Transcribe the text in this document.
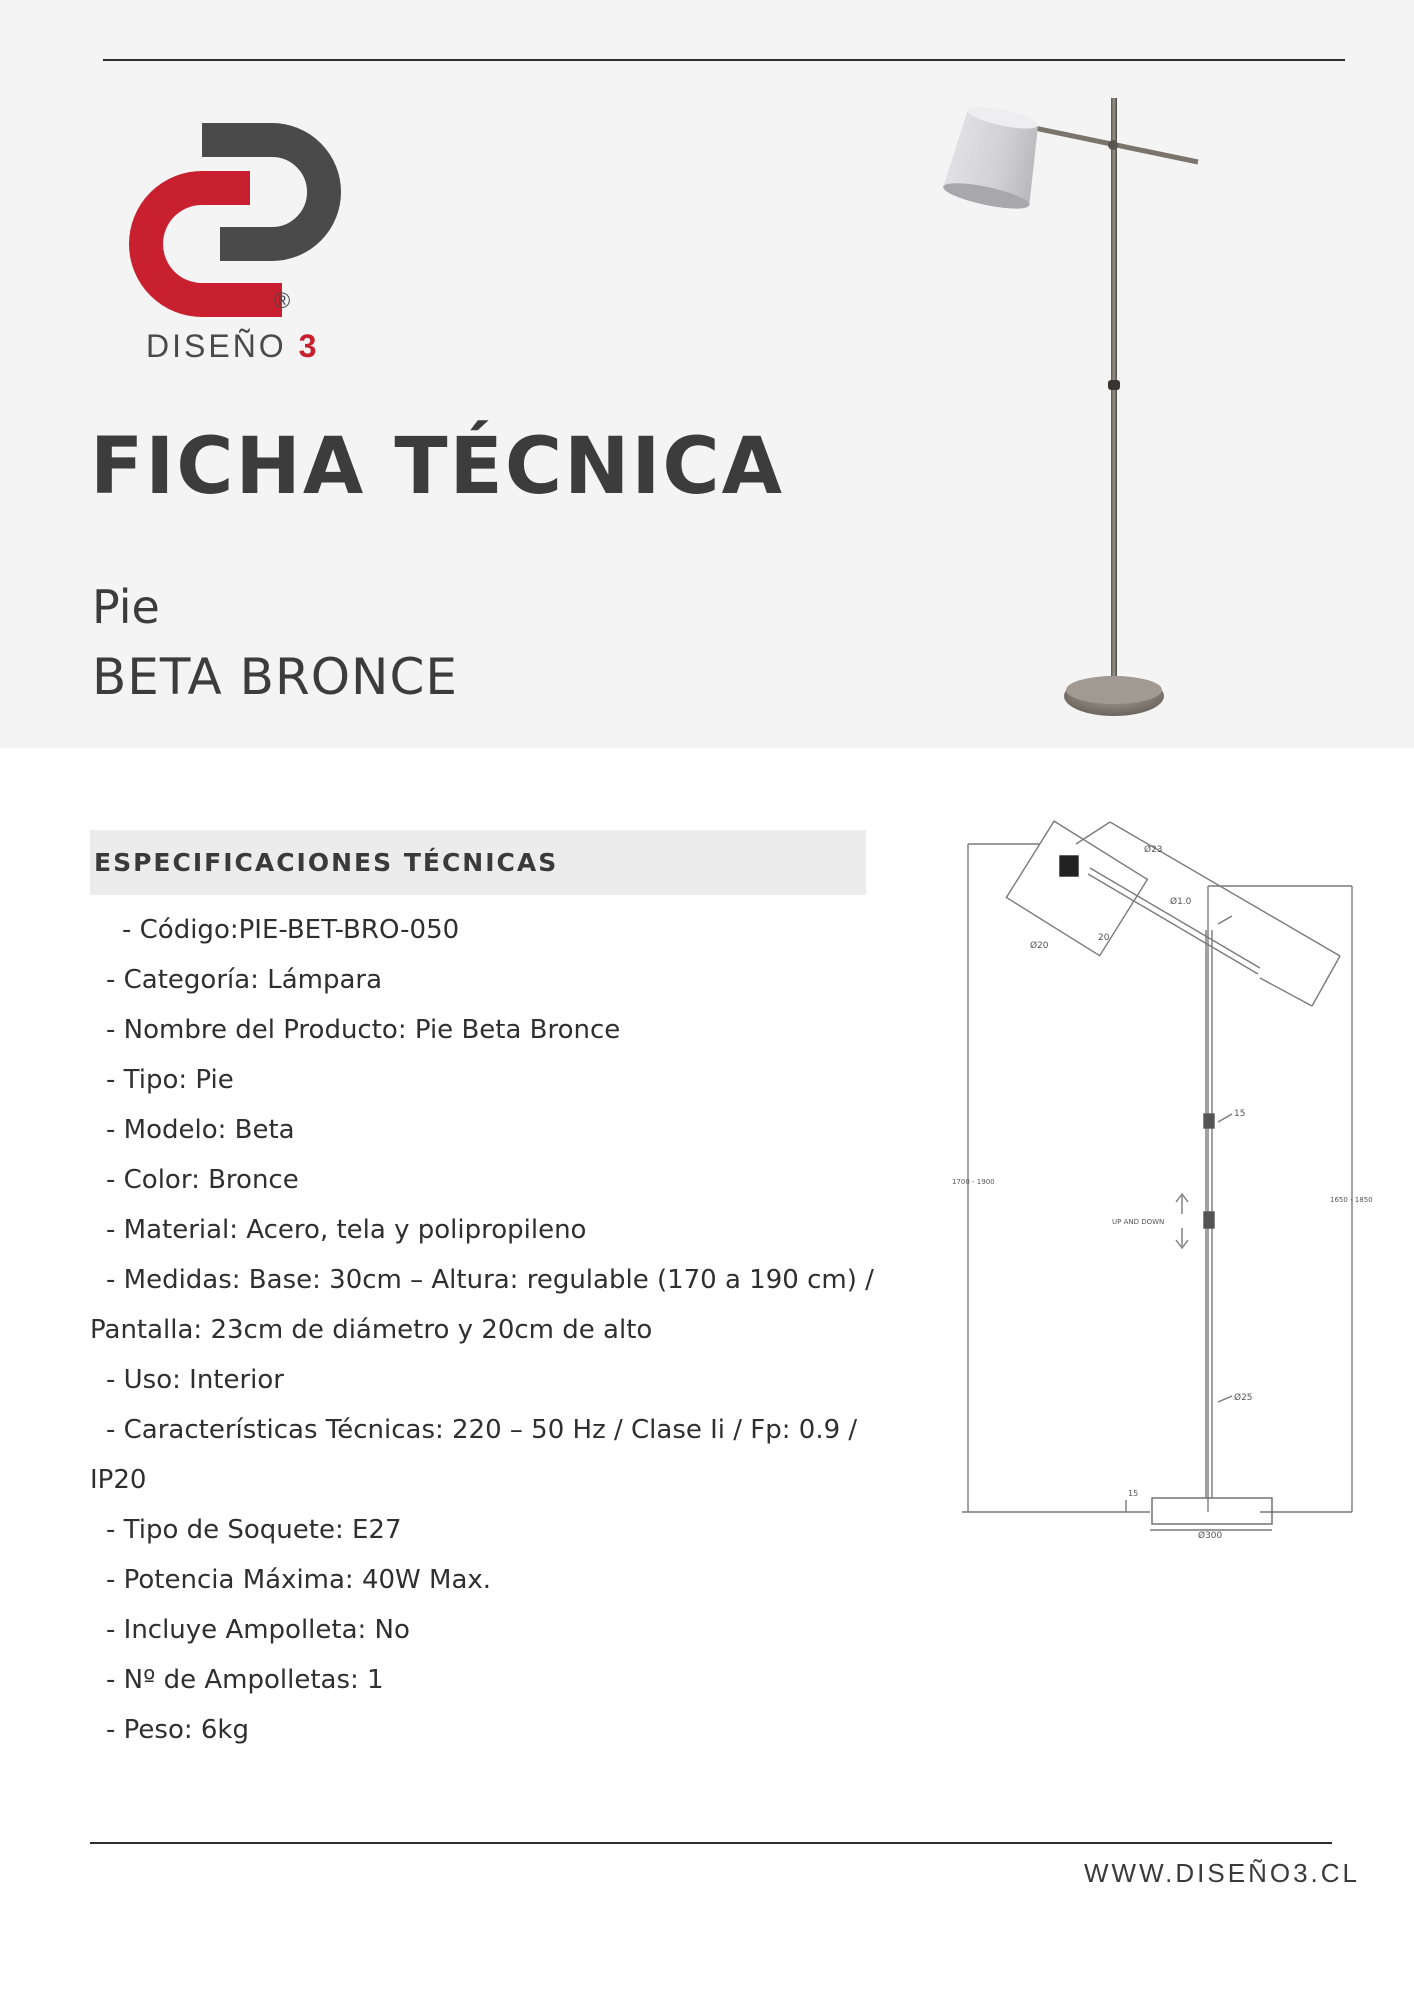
®
DISEÑO 3
FICHA TÉCNICA
Pie
BETA BRONCE
ESPECIFICACIONES TÉCNICAS
- Código:PIE-BET-BRO-050
- Categoría: Lámpara
- Nombre del Producto: Pie Beta Bronce
- Tipo: Pie
- Modelo: Beta
- Color: Bronce
- Material: Acero, tela y polipropileno
- Medidas: Base: 30cm – Altura: regulable (170 a 190 cm) /
Pantalla: 23cm de diámetro y 20cm de alto
- Uso: Interior
- Características Técnicas: 220 – 50 Hz / Clase Ii / Fp: 0.9 /
IP20
- Tipo de Soquete: E27
- Potencia Máxima: 40W Max.
- Incluye Ampolleta: No
- Nº de Ampolletas: 1
- Peso: 6kg
Ø23
Ø20
20
Ø1.0
15
UP AND DOWN
1700 - 1900
1650 - 1850
Ø25
15
Ø300
WWW.DISEÑO3.CL
